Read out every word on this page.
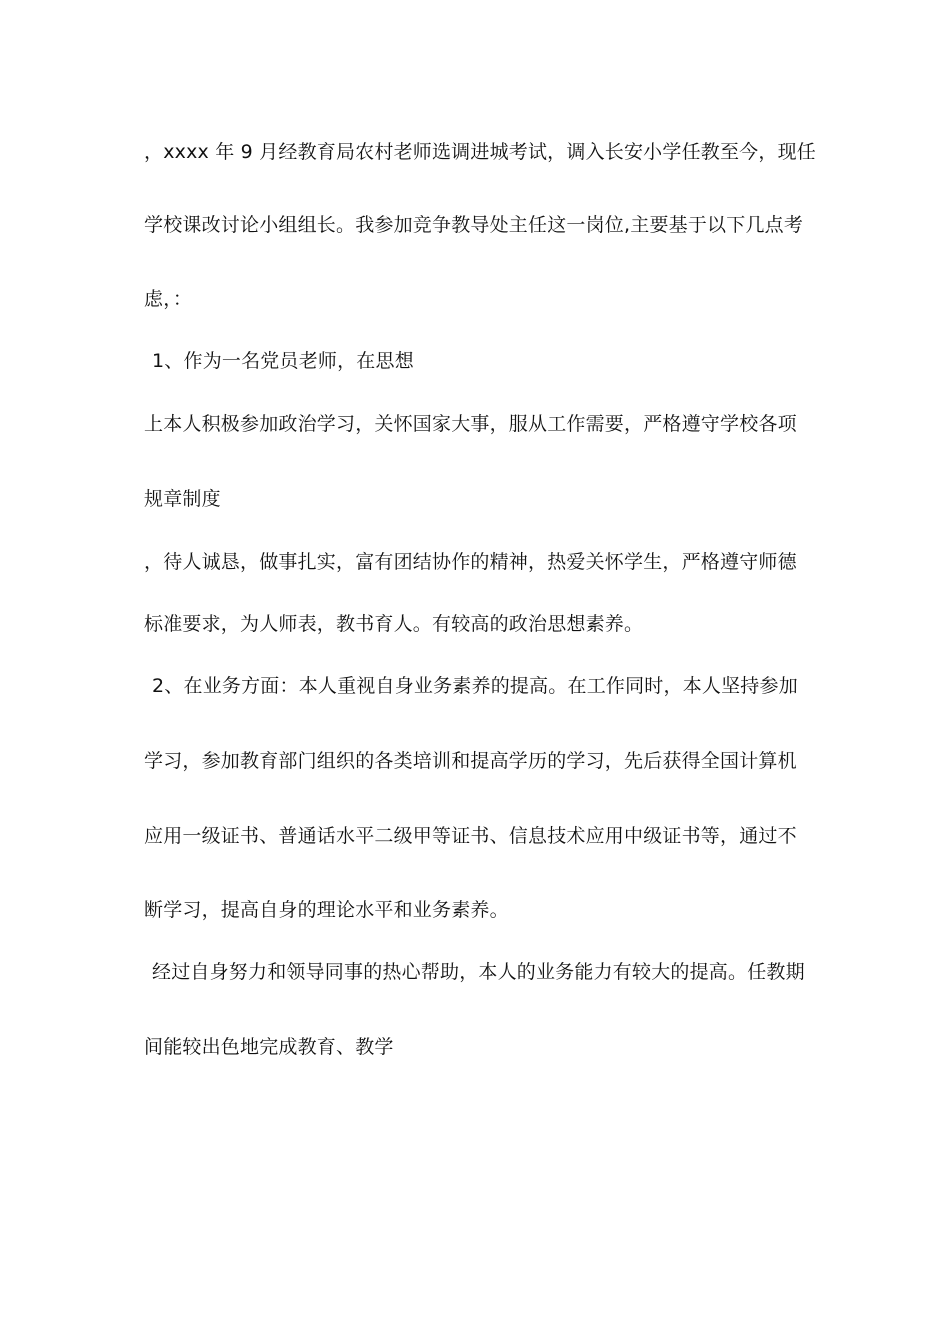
，xxxx 年 9 月经教育局农村老师选调进城考试，调入长安小学任教至今，现任
学校课改讨论小组组长。我参加竞争教导处主任这一岗位,主要基于以下几点考
虑，：
1、作为一名党员老师，在思想
上本人积极参加政治学习，关怀国家大事，服从工作需要，严格遵守学校各项
规章制度
，待人诚恳，做事扎实，富有团结协作的精神，热爱关怀学生，严格遵守师德
标准要求，为人师表，教书育人。有较高的政治思想素养。
2、在业务方面：本人重视自身业务素养的提高。在工作同时，本人坚持参加
学习，参加教育部门组织的各类培训和提高学历的学习，先后获得全国计算机
应用一级证书、普通话水平二级甲等证书、信息技术应用中级证书等，通过不
断学习，提高自身的理论水平和业务素养。
经过自身努力和领导同事的热心帮助，本人的业务能力有较大的提高。任教期
间能较出色地完成教育、教学
